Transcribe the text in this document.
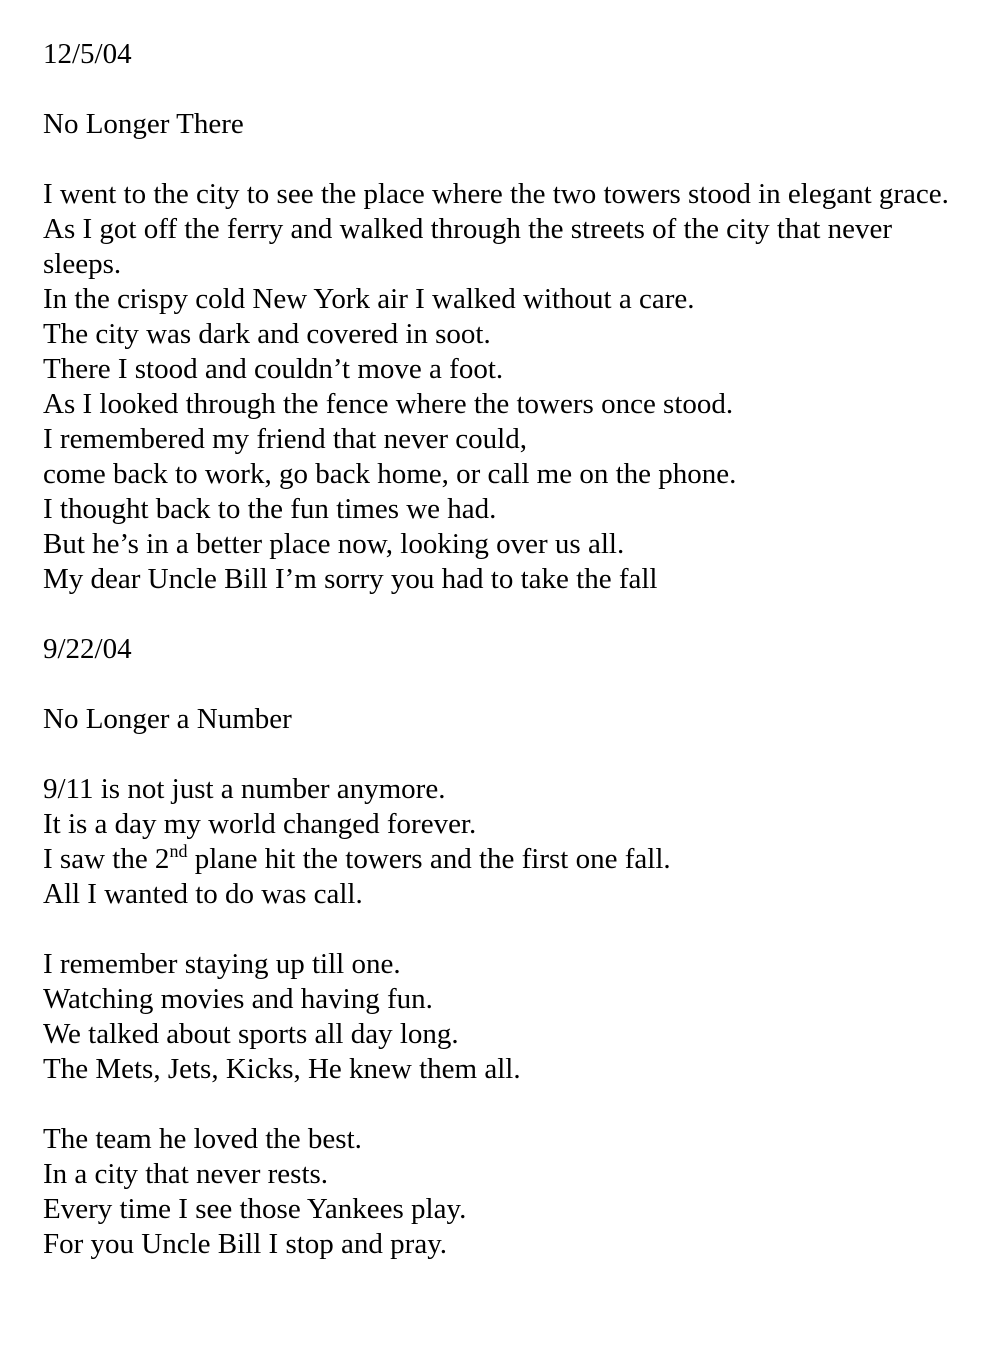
12/5/04
No Longer There
I went to the city to see the place where the two towers stood in elegant grace.
As I got off the ferry and walked through the streets of the city that never sleeps.
In the crispy cold New York air I walked without a care.
The city was dark and covered in soot.
There I stood and couldn’t move a foot.
As I looked through the fence where the towers once stood.
I remembered my friend that never could,
come back to work, go back home, or call me on the phone.
I thought back to the fun times we had.
But he’s in a better place now, looking over us all.
My dear Uncle Bill I’m sorry you had to take the fall
9/22/04
No Longer a Number
9/11 is not just a number anymore.
It is a day my world changed forever.
I saw the 2nd plane hit the towers and the first one fall.
All I wanted to do was call.
I remember staying up till one.
Watching movies and having fun.
We talked about sports all day long.
The Mets, Jets, Kicks, He knew them all.
The team he loved the best.
In a city that never rests.
Every time I see those Yankees play.
For you Uncle Bill I stop and pray.
